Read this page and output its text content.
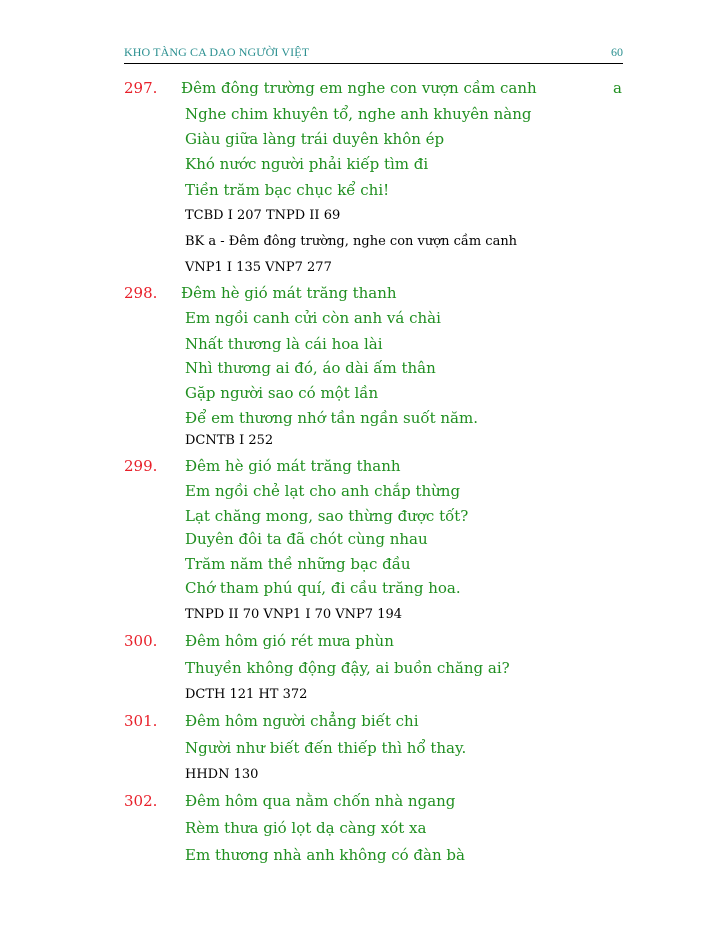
KHO TÀNG CA DAO NGƯỜI VIỆT	60
297. Đêm đông trường em nghe con vượn cầm canh	a
Nghe chim khuyên tổ, nghe anh khuyên nàng
Giàu giữa làng trái duyên khôn ép
Khó nước người phải kiếp tìm đi
Tiền trăm bạc chục kể chi!
TCBD I 207 TNPD II 69
BK a - Đêm đông trường, nghe con vượn cầm canh
VNP1 I 135 VNP7 277
298. Đêm hè gió mát trăng thanh
Em ngồi canh cửi còn anh vá chài
Nhất thương là cái hoa lài
Nhì thương ai đó, áo dài ấm thân
Gặp người sao có một lần
Để em thương nhớ tần ngần suốt năm.
DCNTB I 252
299. Đêm hè gió mát trăng thanh
Em ngồi chẻ lạt cho anh chắp thừng
Lạt chăng mong, sao thừng được tốt?
Duyên đôi ta đã chót cùng nhau
Trăm năm thề những bạc đầu
Chớ tham phú quí, đi cầu trăng hoa.
TNPD II 70 VNP1 I 70 VNP7 194
300. Đêm hôm gió rét mưa phùn
Thuyền không động đậy, ai buồn chăng ai?
DCTH 121 HT 372
301. Đêm hôm người chẳng biết chi
Người như biết đến thiếp thì hổ thay.
HHDN 130
302. Đêm hôm qua nằm chốn nhà ngang
Rèm thưa gió lọt dạ càng xót xa
Em thương nhà anh không có đàn bà
